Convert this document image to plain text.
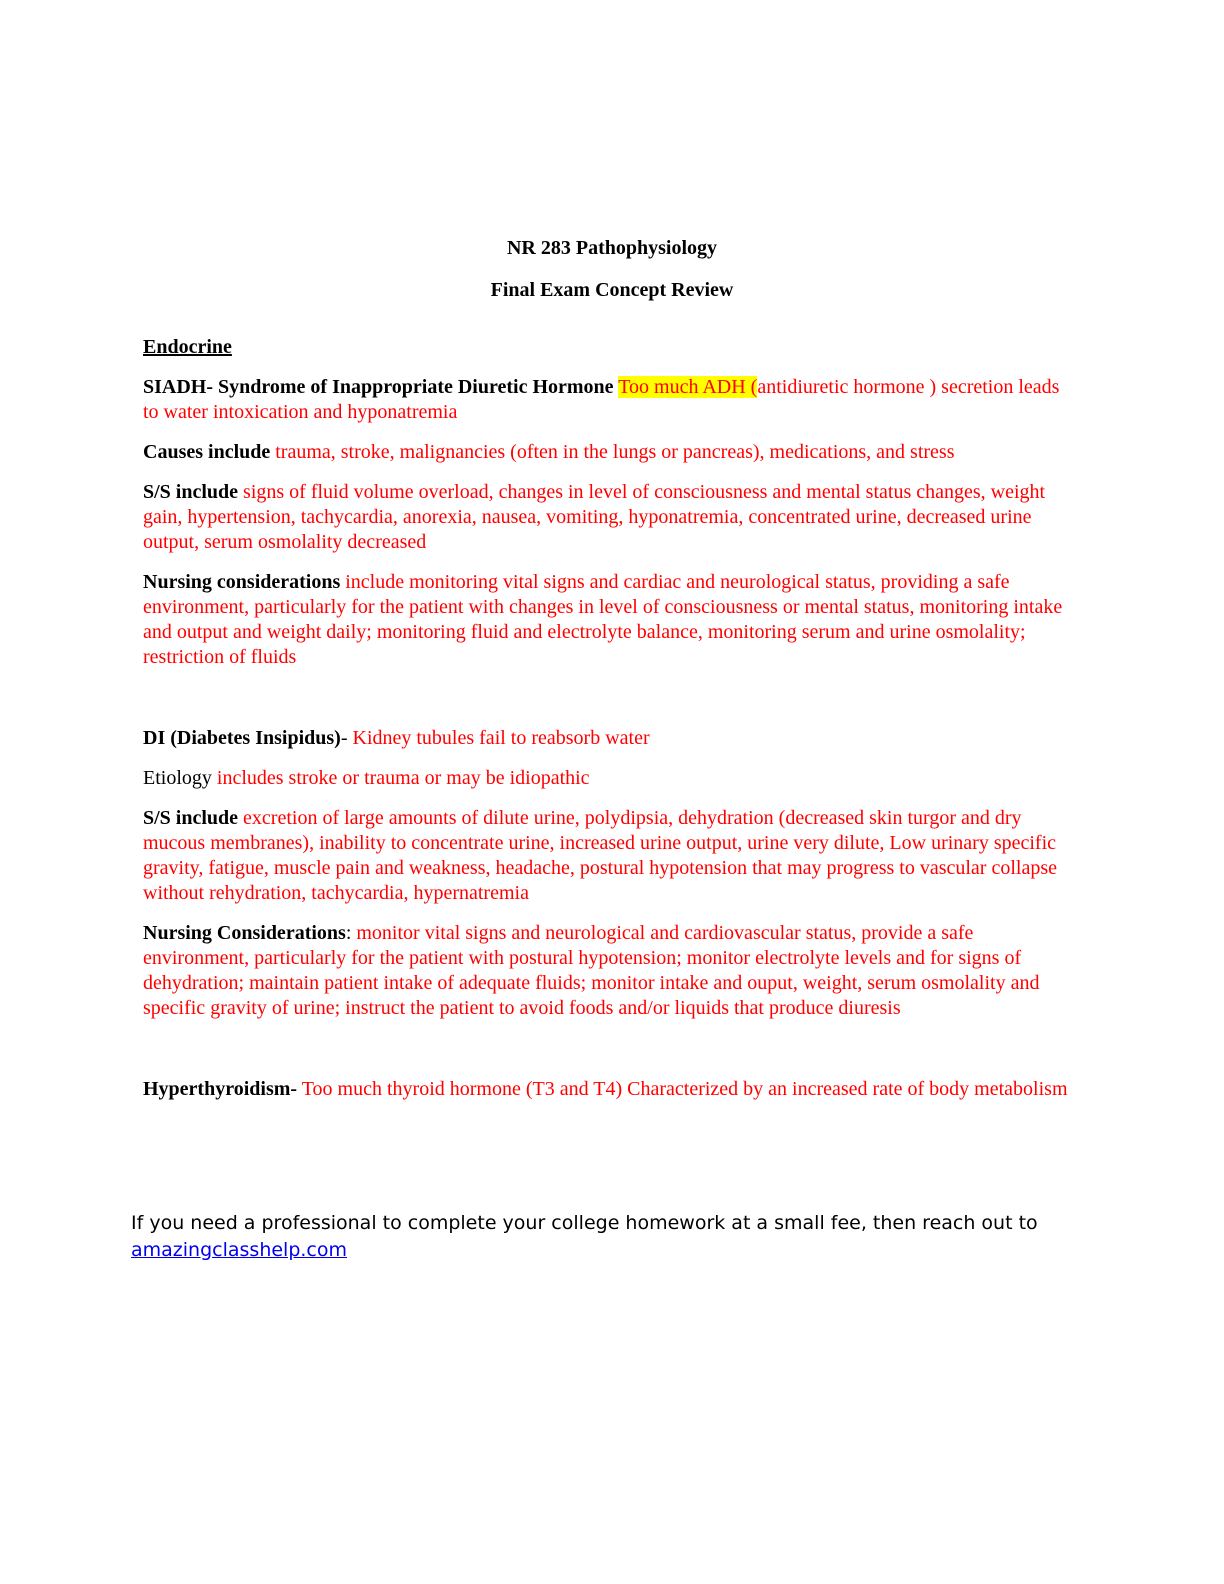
NR 283 Pathophysiology
Final Exam Concept Review
Endocrine
SIADH- Syndrome of Inappropriate Diuretic Hormone Too much ADH (antidiuretic hormone ) secretion leads to water intoxication and hyponatremia
Causes include trauma, stroke, malignancies (often in the lungs or pancreas), medications, and stress
S/S include signs of fluid volume overload, changes in level of consciousness and mental status changes, weight gain, hypertension, tachycardia, anorexia, nausea, vomiting, hyponatremia, concentrated urine, decreased urine output, serum osmolality decreased
Nursing considerations include monitoring vital signs and cardiac and neurological status, providing a safe environment, particularly for the patient with changes in level of consciousness or mental status, monitoring intake and output and weight daily; monitoring fluid and electrolyte balance, monitoring serum and urine osmolality; restriction of fluids
DI (Diabetes Insipidus)- Kidney tubules fail to reabsorb water
Etiology includes stroke or trauma or may be idiopathic
S/S include excretion of large amounts of dilute urine, polydipsia, dehydration (decreased skin turgor and dry mucous membranes), inability to concentrate urine, increased urine output, urine very dilute, Low urinary specific gravity, fatigue, muscle pain and weakness, headache, postural hypotension that may progress to vascular collapse without rehydration, tachycardia, hypernatremia
Nursing Considerations: monitor vital signs and neurological and cardiovascular status, provide a safe environment, particularly for the patient with postural hypotension; monitor electrolyte levels and for signs of dehydration; maintain patient intake of adequate fluids; monitor intake and ouput, weight, serum osmolality and specific gravity of urine; instruct the patient to avoid foods and/or liquids that produce diuresis
Hyperthyroidism- Too much thyroid hormone (T3 and T4) Characterized by an increased rate of body metabolism
If you need a professional to complete your college homework at a small fee, then reach out to
amazingclasshelp.com
